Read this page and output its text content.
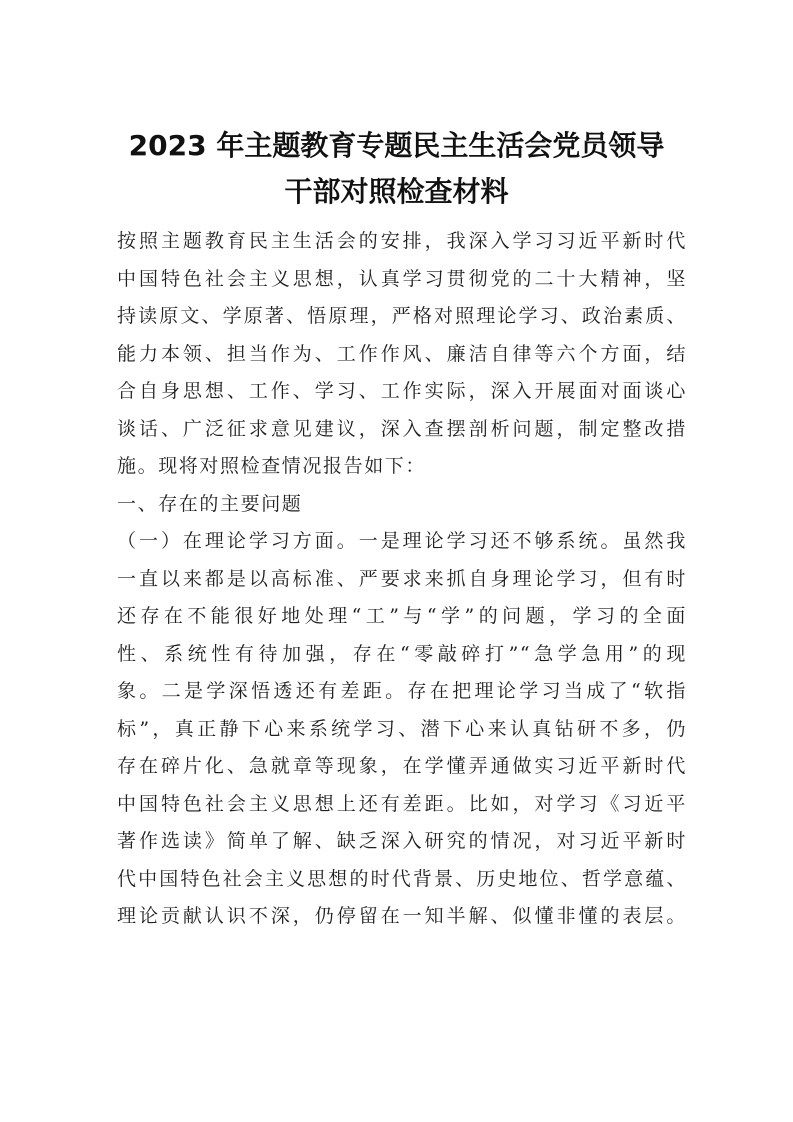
2023 年主题教育专题民主生活会党员领导
干部对照检查材料
按照主题教育民主生活会的安排，我深入学习习近平新时代
中国特色社会主义思想，认真学习贯彻党的二十大精神，坚
持读原文、学原著、悟原理，严格对照理论学习、政治素质、
能力本领、担当作为、工作作风、廉洁自律等六个方面，结
合自身思想、工作、学习、工作实际，深入开展面对面谈心
谈话、广泛征求意见建议，深入查摆剖析问题，制定整改措
施。现将对照检查情况报告如下：
一、存在的主要问题
（一）在理论学习方面。一是理论学习还不够系统。虽然我
一直以来都是以高标准、严要求来抓自身理论学习，但有时
还存在不能很好地处理“工”与“学”的问题，学习的全面
性、系统性有待加强，存在“零敲碎打”“急学急用”的现
象。二是学深悟透还有差距。存在把理论学习当成了“软指
标”，真正静下心来系统学习、潜下心来认真钻研不多，仍
存在碎片化、急就章等现象，在学懂弄通做实习近平新时代
中国特色社会主义思想上还有差距。比如，对学习《习近平
著作选读》简单了解、缺乏深入研究的情况，对习近平新时
代中国特色社会主义思想的时代背景、历史地位、哲学意蕴、
理论贡献认识不深，仍停留在一知半解、似懂非懂的表层。
